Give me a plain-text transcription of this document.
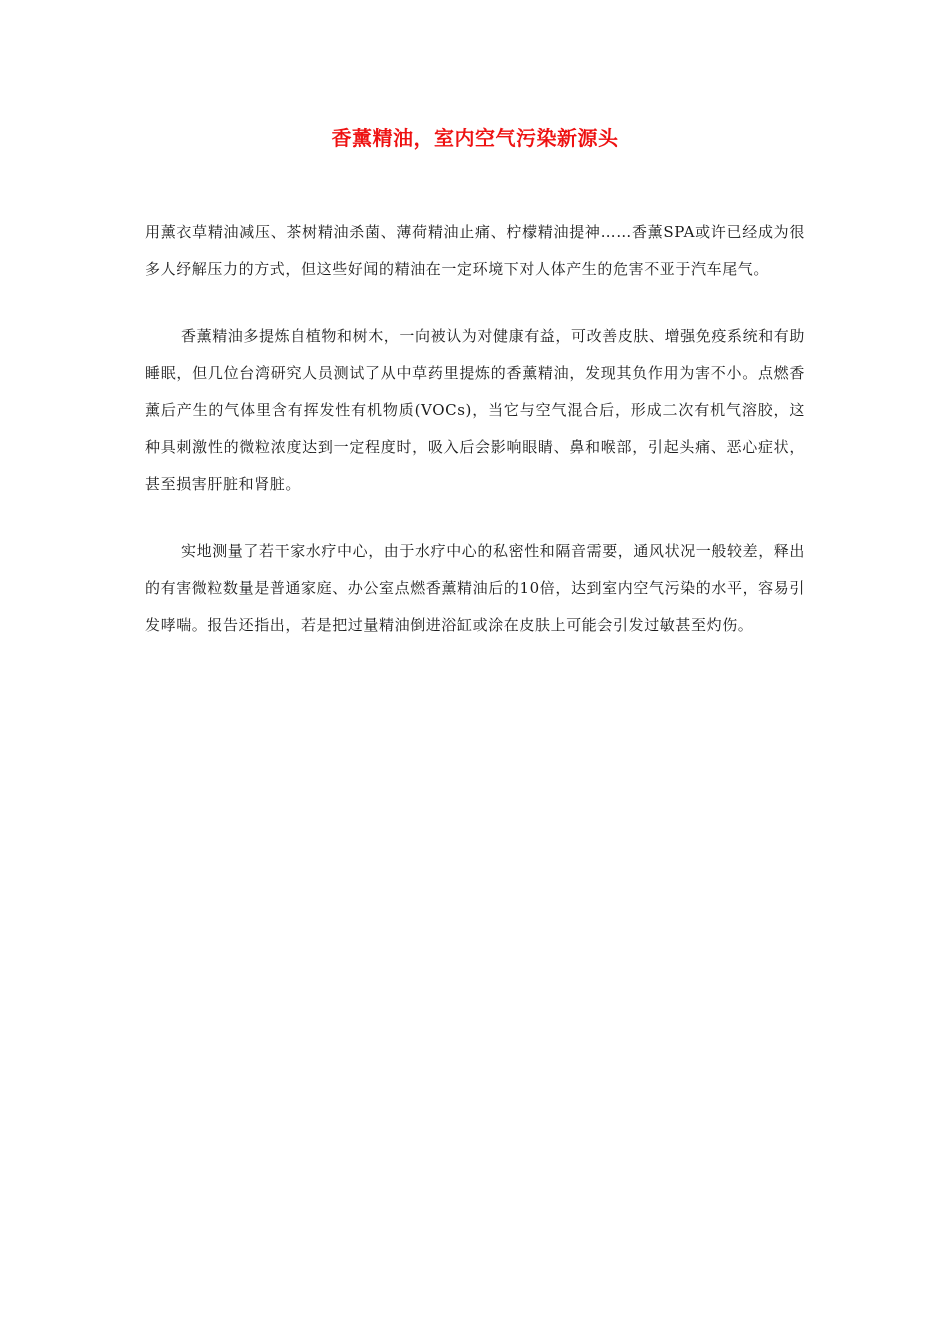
香薰精油，室内空气污染新源头

用薰衣草精油减压、茶树精油杀菌、薄荷精油止痛、柠檬精油提神……香薰SPA或许已经成为很多人纾解压力的方式，但这些好闻的精油在一定环境下对人体产生的危害不亚于汽车尾气。

香薰精油多提炼自植物和树木，一向被认为对健康有益，可改善皮肤、增强免疫系统和有助睡眠，但几位台湾研究人员测试了从中草药里提炼的香薰精油，发现其负作用为害不小。点燃香薰后产生的气体里含有挥发性有机物质(VOCs)，当它与空气混合后，形成二次有机气溶胶，这种具刺激性的微粒浓度达到一定程度时，吸入后会影响眼睛、鼻和喉部，引起头痛、恶心症状，甚至损害肝脏和肾脏。

实地测量了若干家水疗中心，由于水疗中心的私密性和隔音需要，通风状况一般较差，释出的有害微粒数量是普通家庭、办公室点燃香薰精油后的10倍，达到室内空气污染的水平，容易引发哮喘。报告还指出，若是把过量精油倒进浴缸或涂在皮肤上可能会引发过敏甚至灼伤。
